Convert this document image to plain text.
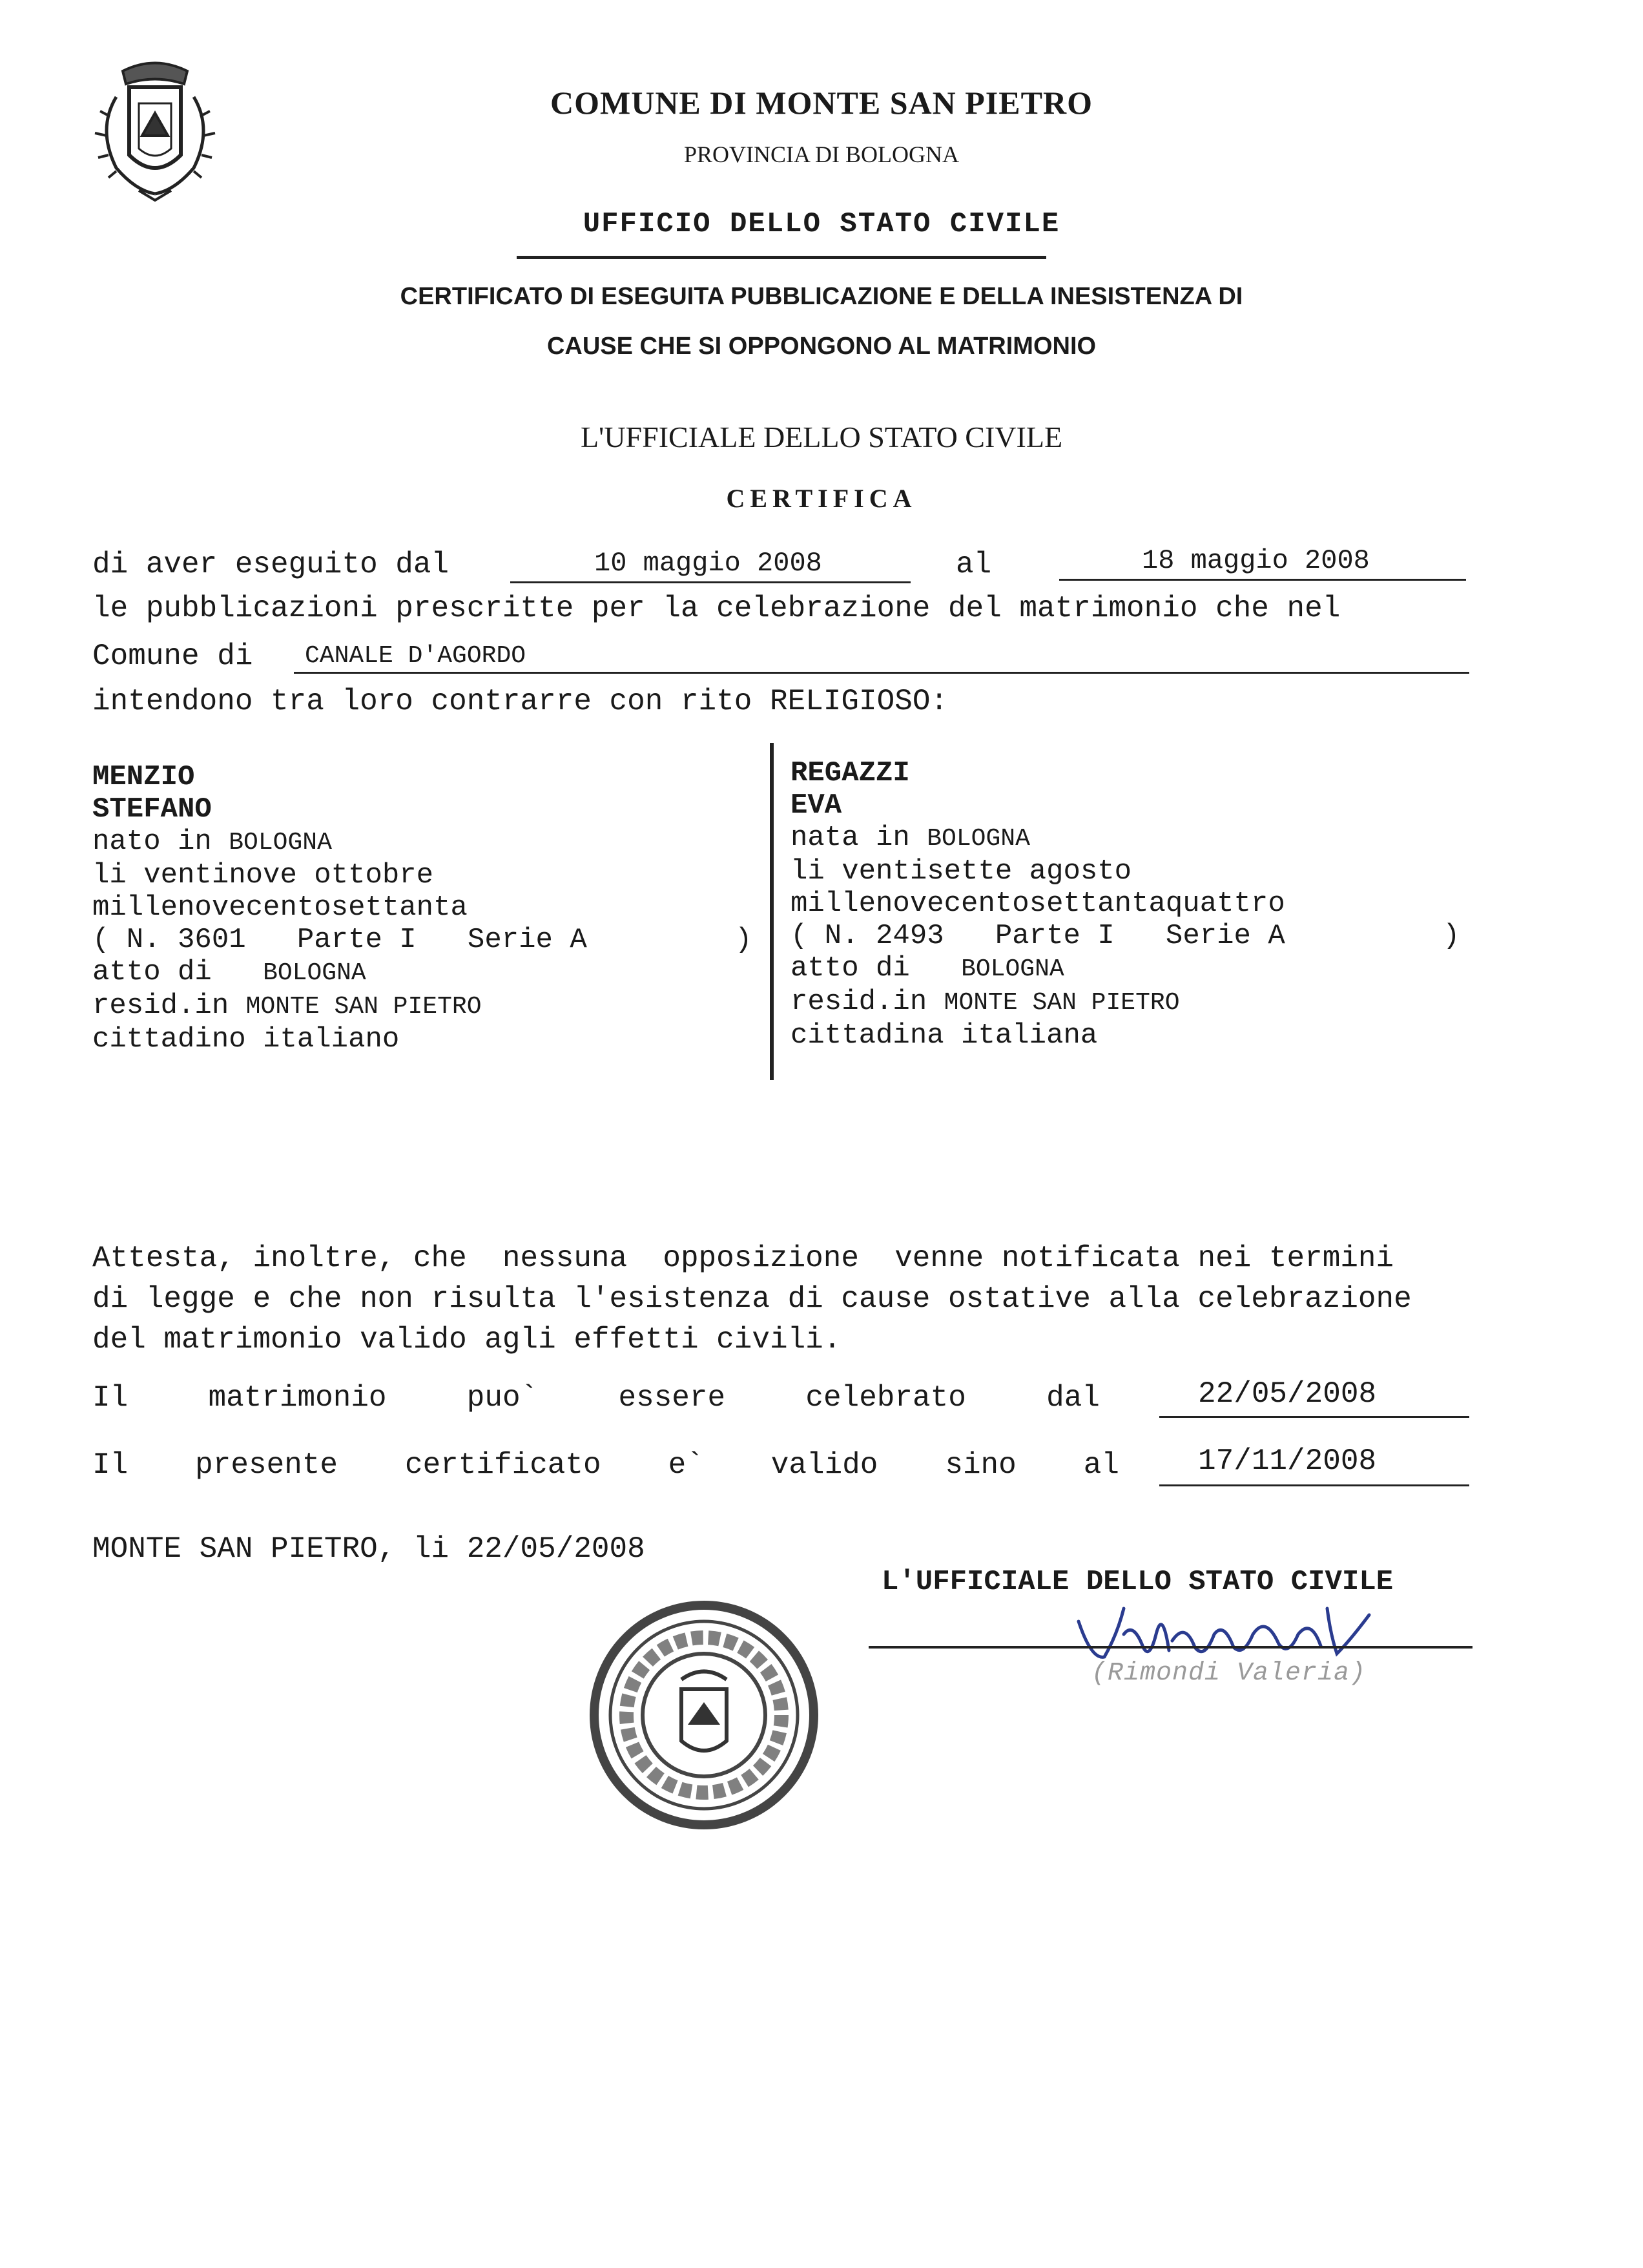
COMUNE DI MONTE SAN PIETRO
PROVINCIA DI BOLOGNA
UFFICIO DELLO STATO CIVILE
CERTIFICATO DI ESEGUITA PUBBLICAZIONE E DELLA INESISTENZA DI
CAUSE CHE SI OPPONGONO AL MATRIMONIO
L'UFFICIALE DELLO STATO CIVILE
CERTIFICA
di aver eseguito dal	10 maggio 2008	al	18 maggio 2008
le pubblicazioni prescritte per la celebrazione del matrimonio che nel
Comune di CANALE D'AGORDO
intendono tra loro contrarre con rito RELIGIOSO:
MENZIO
STEFANO
nato in BOLOGNA
li ventinove ottobre
millenovecentosettanta
( N. 3601 Parte I Serie A	)
atto di BOLOGNA
resid.in MONTE SAN PIETRO
cittadino italiano
REGAZZI
EVA
nata in BOLOGNA
li ventisette agosto
millenovecentosettantaquattro
( N. 2493 Parte I Serie A	)
atto di BOLOGNA
resid.in MONTE SAN PIETRO
cittadina italiana
Attesta, inoltre, che  nessuna  opposizione  venne notificata nei termini
di legge e che non risulta l'esistenza di cause ostative alla celebrazione
del matrimonio valido agli effetti civili.
Il	matrimonio	puo`	essere	celebrato	dal	22/05/2008
Il presente certificato e` valido sino al	17/11/2008
MONTE SAN PIETRO, li 22/05/2008
L'UFFICIALE DELLO STATO CIVILE
(Rimondi Valeria)
